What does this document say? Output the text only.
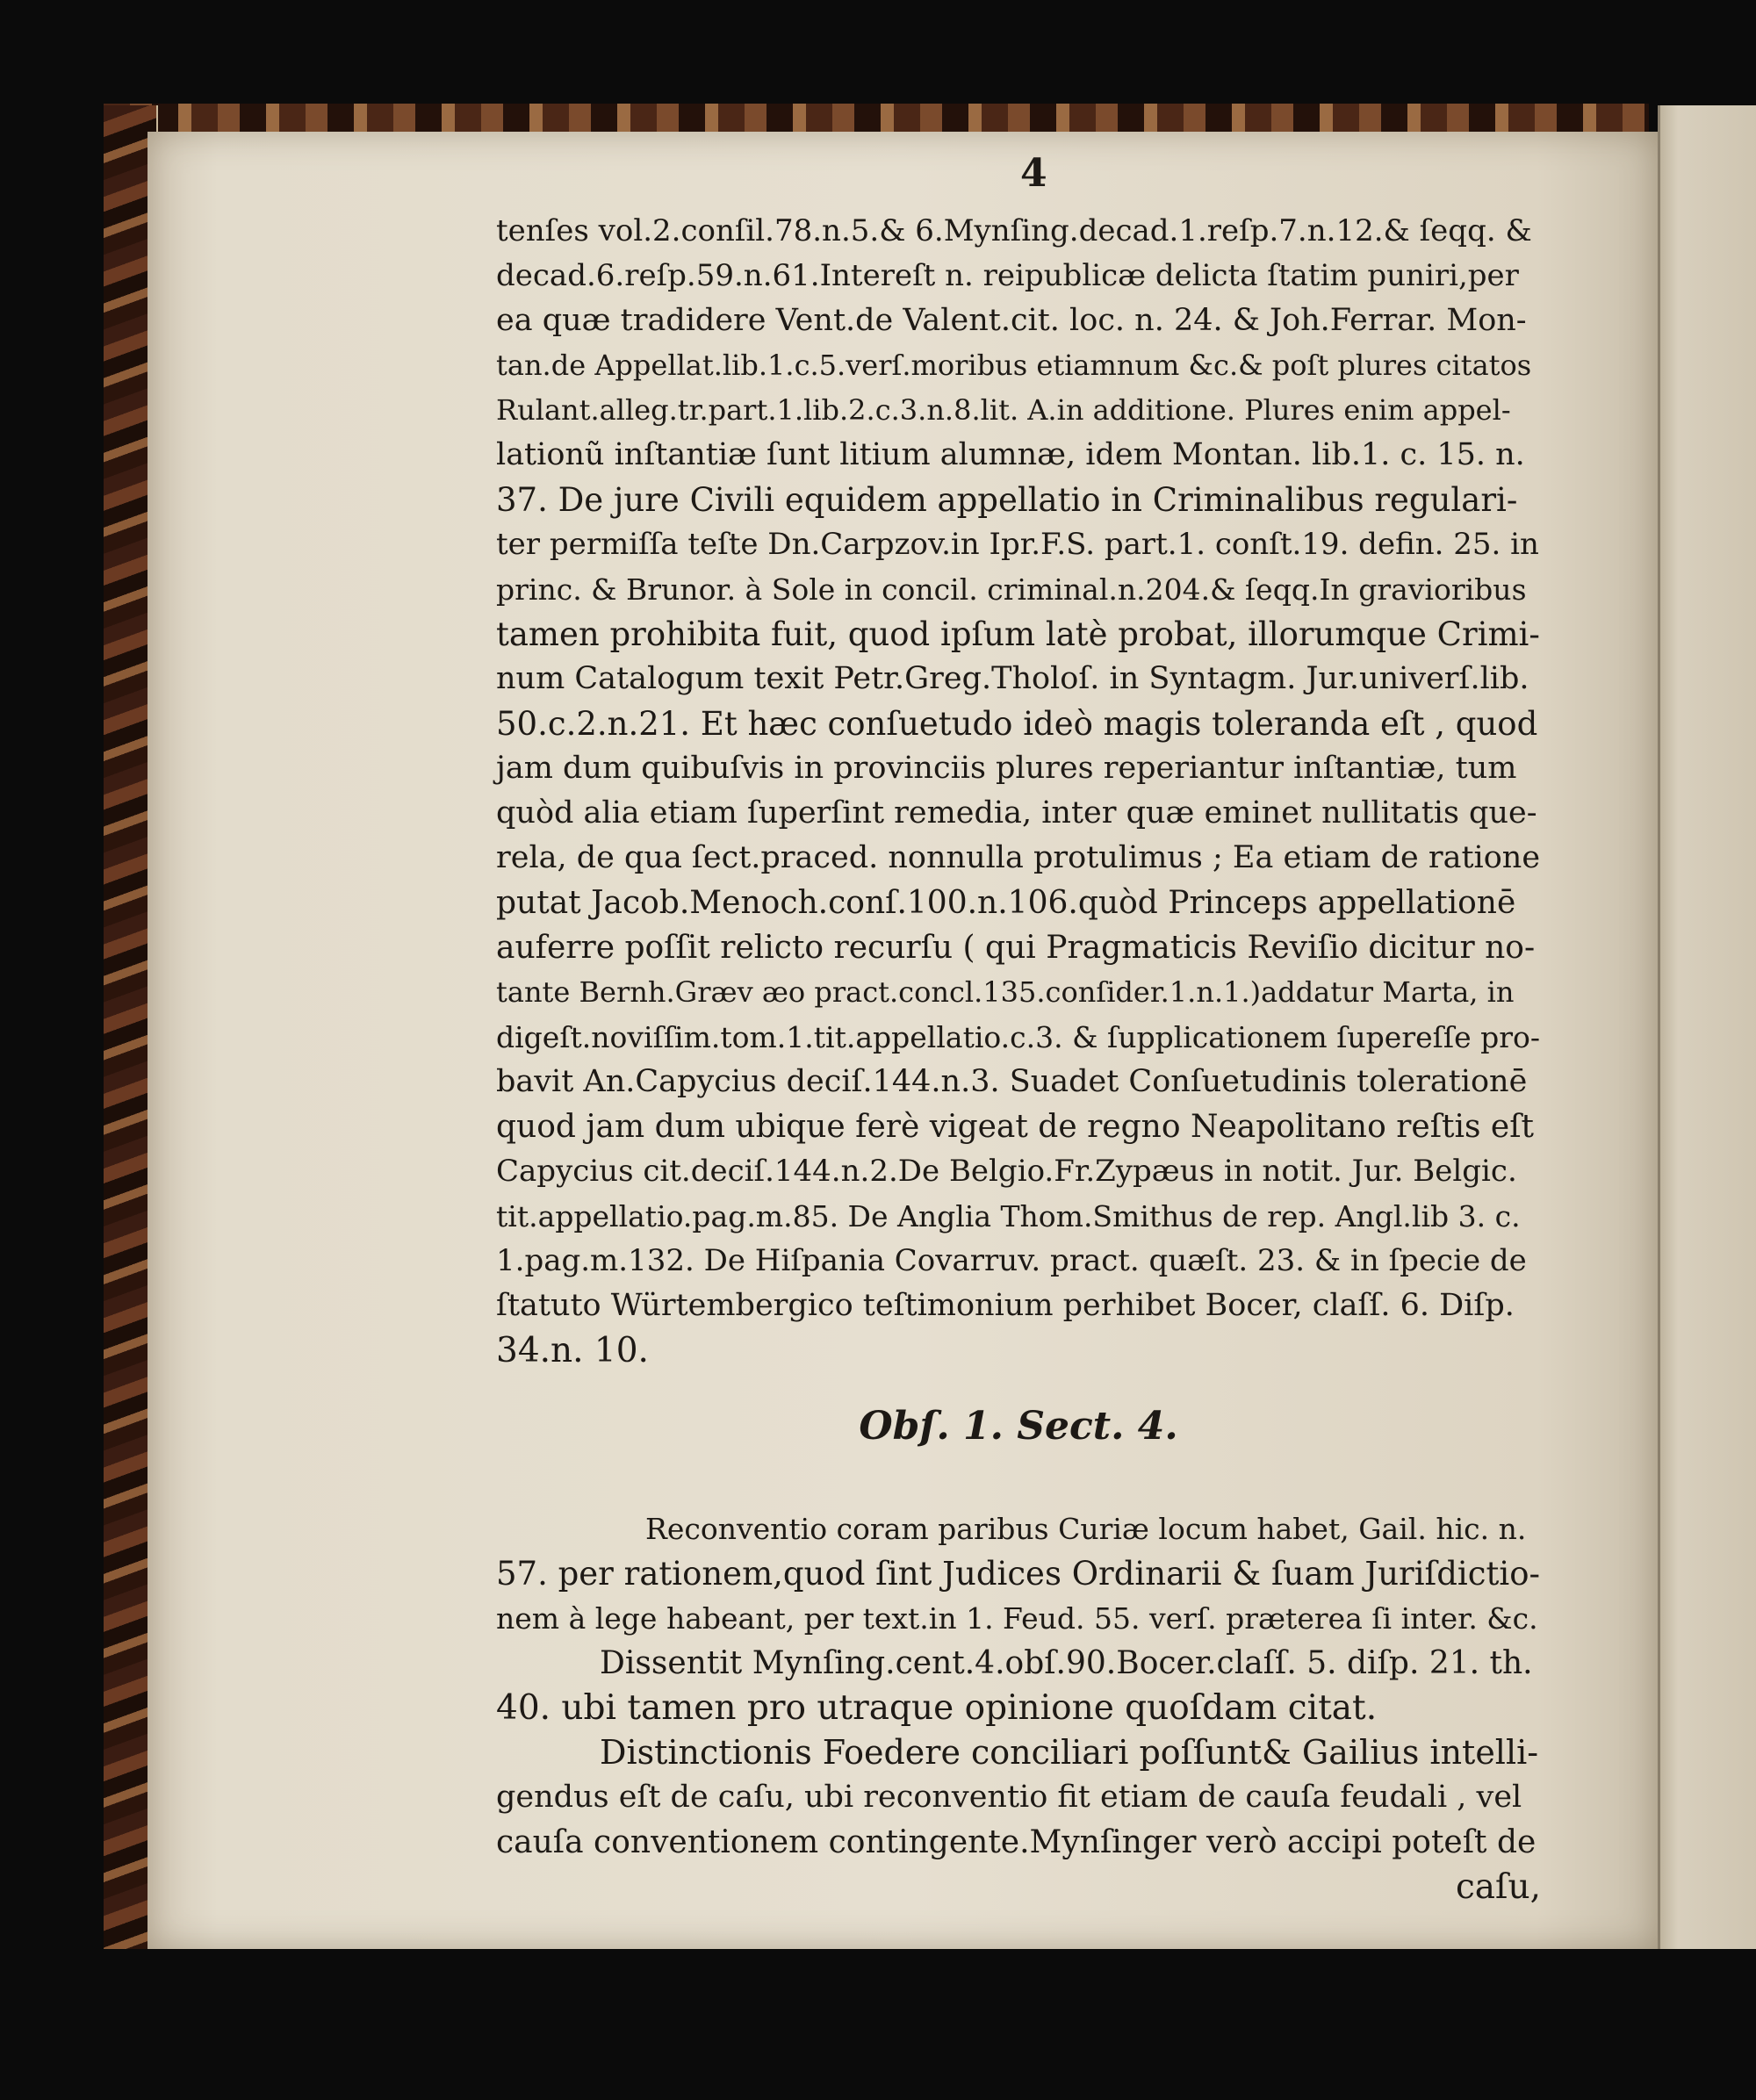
4
tenſes vol.2.conſil.78.n.5.& 6.Mynſing.decad.1.reſp.7.n.12.& ſeqq. &
decad.6.reſp.59.n.61.Intereſt n. reipublicæ delicta ſtatim puniri,per
ea quæ tradidere Vent.de Valent.cit. loc. n. 24. & Joh.Ferrar. Mon-
tan.de Appellat.lib.1.c.5.verſ.moribus etiamnum &c.& poſt plures citatos
Rulant.alleg.tr.part.1.lib.2.c.3.n.8.lit. A.in additione. Plures enim appel-
lationũ inſtantiæ ſunt litium alumnæ, idem Montan. lib.1. c. 15. n.
37. De jure Civili equidem appellatio in Criminalibus regulari-
ter permiſſa teſte Dn.Carpzov.in Ipr.F.S. part.1. conſt.19. defin. 25. in
princ. & Brunor. à Sole in concil. criminal.n.204.& ſeqq.In gravioribus
tamen prohibita fuit, quod ipſum latè probat, illorumque Crimi-
num Catalogum texit Petr.Greg.Tholoſ. in Syntagm. Jur.univerſ.lib.
50.c.2.n.21. Et hæc conſuetudo ideò magis toleranda eſt , quod
jam dum quibuſvis in provinciis plures reperiantur inſtantiæ, tum
quòd alia etiam ſuperſint remedia, inter quæ eminet nullitatis que-
rela, de qua ſect.praced. nonnulla protulimus ; Ea etiam de ratione
putat Jacob.Menoch.conſ.100.n.106.quòd Princeps appellationē
auferre poſſit relicto recurſu ( qui Pragmaticis Reviſio dicitur no-
tante Bernh.Græv æo pract.concl.135.conſider.1.n.1.)addatur Marta, in
digeſt.noviſſim.tom.1.tit.appellatio.c.3. & ſupplicationem ſupereſſe pro-
bavit An.Capycius deciſ.144.n.3. Suadet Conſuetudinis tolerationē
quod jam dum ubique ferè vigeat de regno Neapolitano reſtis eſt
Capycius cit.deciſ.144.n.2.De Belgio.Fr.Zypæus in notit. Jur. Belgic.
tit.appellatio.pag.m.85. De Anglia Thom.Smithus de rep. Angl.lib 3. c.
1.pag.m.132. De Hiſpania Covarruv. pract. quæſt. 23. & in ſpecie de
ſtatuto Würtembergico teſtimonium perhibet Bocer, claſſ. 6. Diſp.
34.n. 10.
Obſ. 1. Sect. 4.
Reconventio coram paribus Curiæ locum habet, Gail. hic. n.
57. per rationem,quod ſint Judices Ordinarii & ſuam Juriſdictio-
nem à lege habeant, per text.in 1. Feud. 55. verſ. præterea ſi inter. &c.
Dissentit Mynſing.cent.4.obſ.90.Bocer.claſſ. 5. diſp. 21. th.
40. ubi tamen pro utraque opinione quoſdam citat.
Distinctionis Foedere conciliari poſſunt& Gailius intelli-
gendus eſt de caſu, ubi reconventio fit etiam de cauſa feudali , vel
cauſa conventionem contingente.Mynſinger verò accipi poteſt de
caſu,
